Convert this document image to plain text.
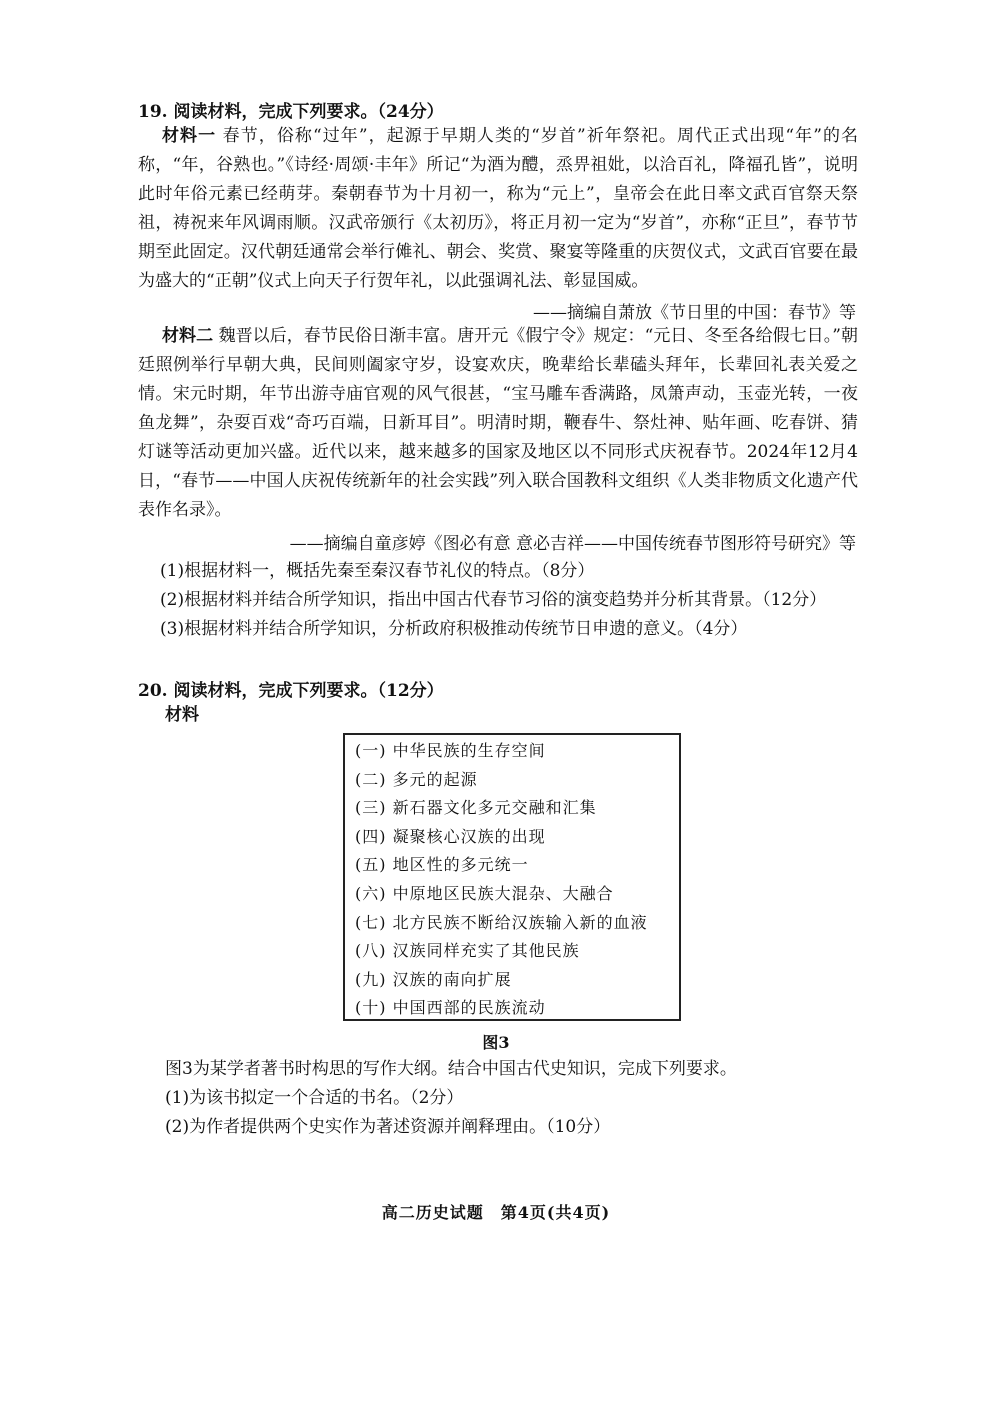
19. 阅读材料，完成下列要求。（24分）
材料一 春节，俗称“过年”，起源于早期人类的“岁首”祈年祭祀。周代正式出现“年”的名称，“年，谷熟也。”《诗经·周颂·丰年》所记“为酒为醴，烝畀祖妣，以洽百礼，降福孔皆”，说明此时年俗元素已经萌芽。秦朝春节为十月初一，称为“元上”，皇帝会在此日率文武百官祭天祭祖，祷祝来年风调雨顺。汉武帝颁行《太初历》，将正月初一定为“岁首”，亦称“正旦”，春节节期至此固定。汉代朝廷通常会举行傩礼、朝会、奖赏、聚宴等隆重的庆贺仪式，文武百官要在最为盛大的“正朝”仪式上向天子行贺年礼，以此强调礼法、彰显国威。
——摘编自萧放《节日里的中国：春节》等
材料二 魏晋以后，春节民俗日渐丰富。唐开元《假宁令》规定：“元日、冬至各给假七日。”朝廷照例举行早朝大典，民间则阖家守岁，设宴欢庆，晚辈给长辈磕头拜年，长辈回礼表关爱之情。宋元时期，年节出游寺庙官观的风气很甚，“宝马雕车香满路，凤箫声动，玉壶光转，一夜鱼龙舞”，杂耍百戏“奇巧百端，日新耳目”。明清时期，鞭春牛、祭灶神、贴年画、吃春饼、猜灯谜等活动更加兴盛。近代以来，越来越多的国家及地区以不同形式庆祝春节。2024年12月4日，“春节——中国人庆祝传统新年的社会实践”列入联合国教科文组织《人类非物质文化遗产代表作名录》。
——摘编自童彦婷《图必有意 意必吉祥——中国传统春节图形符号研究》等
(1)根据材料一，概括先秦至秦汉春节礼仪的特点。（8分）
(2)根据材料并结合所学知识，指出中国古代春节习俗的演变趋势并分析其背景。（12分）
(3)根据材料并结合所学知识，分析政府积极推动传统节日申遗的意义。（4分）
20. 阅读材料，完成下列要求。（12分）
材料
(一) 中华民族的生存空间
(二) 多元的起源
(三) 新石器文化多元交融和汇集
(四) 凝聚核心汉族的出现
(五) 地区性的多元统一
(六) 中原地区民族大混杂、大融合
(七) 北方民族不断给汉族输入新的血液
(八) 汉族同样充实了其他民族
(九) 汉族的南向扩展
(十) 中国西部的民族流动
图3
图3为某学者著书时构思的写作大纲。结合中国古代史知识，完成下列要求。
(1)为该书拟定一个合适的书名。（2分）
(2)为作者提供两个史实作为著述资源并阐释理由。（10分）
高二历史试题　第4页(共4页)
